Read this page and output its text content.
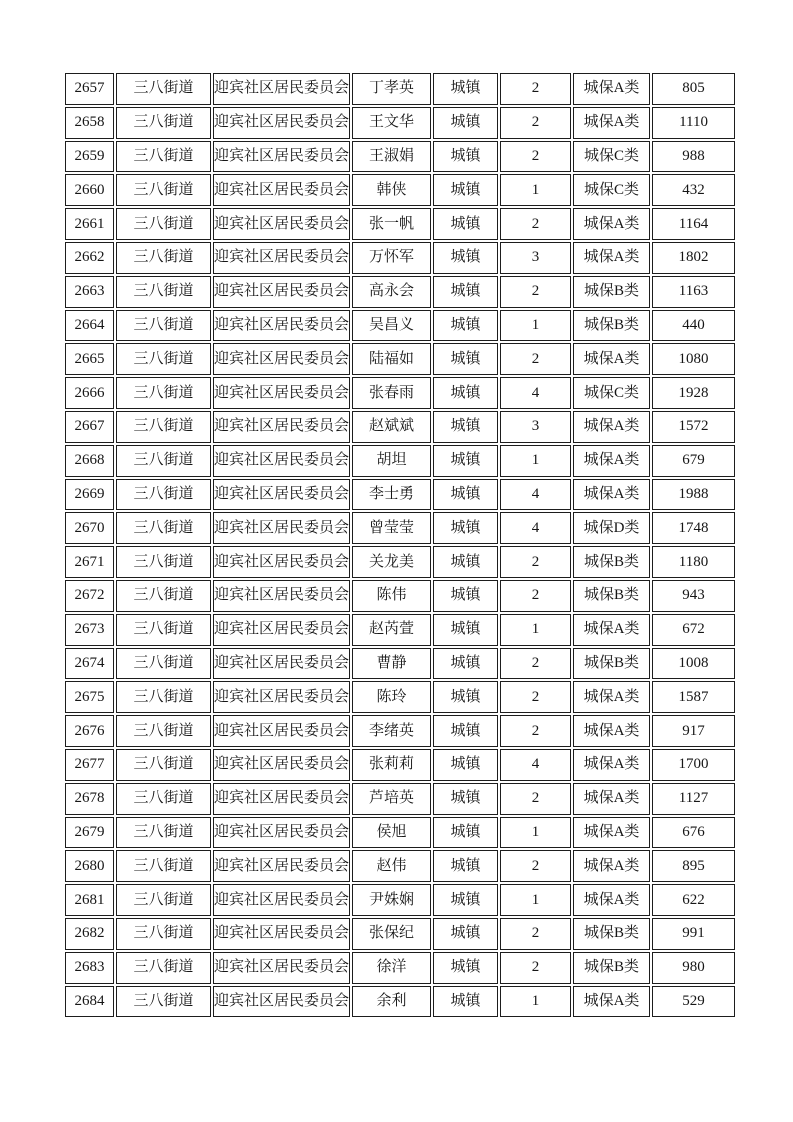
2657	三八街道	迎宾社区居民委员会	丁孝英	城镇	2	城保A类	805
2658	三八街道	迎宾社区居民委员会	王文华	城镇	2	城保A类	1110
2659	三八街道	迎宾社区居民委员会	王淑娟	城镇	2	城保C类	988
2660	三八街道	迎宾社区居民委员会	韩侠	城镇	1	城保C类	432
2661	三八街道	迎宾社区居民委员会	张一帆	城镇	2	城保A类	1164
2662	三八街道	迎宾社区居民委员会	万怀军	城镇	3	城保A类	1802
2663	三八街道	迎宾社区居民委员会	高永会	城镇	2	城保B类	1163
2664	三八街道	迎宾社区居民委员会	吴昌义	城镇	1	城保B类	440
2665	三八街道	迎宾社区居民委员会	陆福如	城镇	2	城保A类	1080
2666	三八街道	迎宾社区居民委员会	张春雨	城镇	4	城保C类	1928
2667	三八街道	迎宾社区居民委员会	赵斌斌	城镇	3	城保A类	1572
2668	三八街道	迎宾社区居民委员会	胡坦	城镇	1	城保A类	679
2669	三八街道	迎宾社区居民委员会	李士勇	城镇	4	城保A类	1988
2670	三八街道	迎宾社区居民委员会	曾莹莹	城镇	4	城保D类	1748
2671	三八街道	迎宾社区居民委员会	关龙美	城镇	2	城保B类	1180
2672	三八街道	迎宾社区居民委员会	陈伟	城镇	2	城保B类	943
2673	三八街道	迎宾社区居民委员会	赵芮萱	城镇	1	城保A类	672
2674	三八街道	迎宾社区居民委员会	曹静	城镇	2	城保B类	1008
2675	三八街道	迎宾社区居民委员会	陈玲	城镇	2	城保A类	1587
2676	三八街道	迎宾社区居民委员会	李绪英	城镇	2	城保A类	917
2677	三八街道	迎宾社区居民委员会	张莉莉	城镇	4	城保A类	1700
2678	三八街道	迎宾社区居民委员会	芦培英	城镇	2	城保A类	1127
2679	三八街道	迎宾社区居民委员会	侯旭	城镇	1	城保A类	676
2680	三八街道	迎宾社区居民委员会	赵伟	城镇	2	城保A类	895
2681	三八街道	迎宾社区居民委员会	尹姝娴	城镇	1	城保A类	622
2682	三八街道	迎宾社区居民委员会	张保纪	城镇	2	城保B类	991
2683	三八街道	迎宾社区居民委员会	徐洋	城镇	2	城保B类	980
2684	三八街道	迎宾社区居民委员会	余利	城镇	1	城保A类	529
